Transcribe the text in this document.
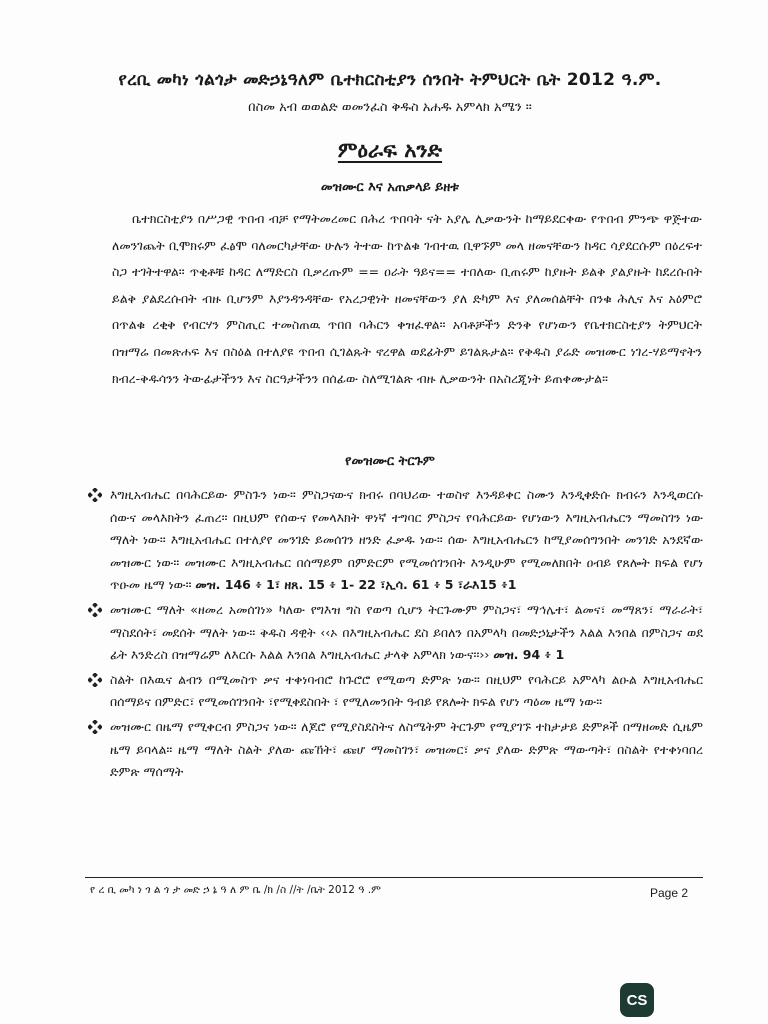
የረቢ መካነ ጎልጎታ መድኃኔዓለም ቤተክርስቲያን ሰንበት ትምህርት ቤት 2012 ዓ.ም.
በስመ አብ ወወልድ ወመንፈስ ቅዱስ አሐዱ አምላክ አሜን ።
ምዕራፍ አንድ
መዝሙር እና አጠቃላይ ይዘቱ

ቤተክርስቲያን በሥጋዊ ጥበብ ብቻ የማትመረመር በሕረ ጥበባት ናት አያሌ ሊቃውንት ከማይደርቀው የጥበብ ምንጭ ዋጅተው ለመንገጨት ቢሞክሩም ፈፅሞ ባለመርካታቸው ሁሉን ትተው ከጥልቁ ገብተዉ ቢዋኙም መላ ዘመናቸውን ከዳር ሳያደርሱም በዕረፍተ ስጋ ተገትተዋል። ጥቂቶቹ ከዳር ለማድርስ ቢቃረጡም == ዐራት ዓይና== ተበለው ቢጠሩም ከያዙት ይልቅ ያልያዙት ከደረሱበት ይልቅ ያልደረሱበት ብዙ ቢሆንም እያንዳንዳቸው የአረጋዊነት ዘመናቸውን ያለ ድካም እና ያለመሰልቸት በንቁ ሕሊና እና አዕምሮ በጥልቁ ረቂቅ የብርሃን ምስጢር ተመስጠዉ ጥበበ ባሕርን ቀዝፈዋል። አባቶቻችን ድንቅ የሆነውን የቤተክርስቲያን ትምህርት በዝማሬ በመጽሐፍ እና በስዕል በተለያዩ ጥበብ ሲገልጹት ኖረዋል ወደፊትም ይገልጹታል። የቅዱስ ያሬድ መዝሙር ነገረ-ሃይማኖትን ክብረ-ቅዱሳንን ትውፊታችንን እና ስርዓታችንን በሰፊው ስለሚገልጽ ብዙ ሊቃውንት በአስረጂነት ይጠቀሙታል።

የመዝሙር ትርጉም
እግዚአብሔር በባሕርይው ምስጉን ነው። ምስጋናውና ክብሩ በባህሪው ተወስኖ እንዳይቀር ስሙን እንዲቀድሱ ክብሩን እንዲወርሱ ሰውና መላእክትን ፈጠረ። በዚህም የሰውና የመላእክት ዋነኛ ተግባር ምስጋና የባሕርይው የሆነውን እግዚአብሔርን ማመስገን ነው ማለት ነው። እግዚአብሔር በተለያየ መንገድ ይመሰገን ዘንድ ፈቃዱ ነው። ሰው እግዚአብሔርን ከሚያመሰግንበት መንገድ አንደኛው መዝሙር ነው። መዝሙር እግዚአብሔር በሰማይም በምድርም የሚመሰገንበት እንዲሁም የሚመለክበት ዐብይ የጸሎት ክፍል የሆነ ጥዑመ ዜማ ነው። መዝ. 146 ፥ 1፣ ዘጸ. 15 ፥ 1- 22 ፣ኢሳ. 61 ፥ 5 ፣ራእ15 ፥1
መዝሙር ማለት «ዘመረ አመሰገነ» ካለው የግእዝ ግስ የወጣ ሲሆን ትርጉሙም ምስጋና፣ ማኅሌተ፣ ልመና፣ መማጸን፣ ማራራት፣ ማስደሰት፣ መደሰት ማለት ነው። ቅዱስ ዳዊት ‹‹ኦ በእግዚአብሔር ደስ ይበለን በአምላካ በመድኃኒታችን እልል እንበል በምስጋና ወደ ፊት እንድረስ በዝማሬም ለእርሱ እልል እንበል እግዚአብሔር ታላቅ አምላክ ነውና፡፡›› መዝ. 94 ፥ 1
ስልት በእዉና ልብን በሚመስጥ ቃና ተቀነባብሮ ከጉሮሮ የሚወጣ ድምጽ ነው። በዚህም የባሕርይ አምላካ ልዑል እግዚአብሔር በሰማይና በምድር፣ የሚመሰገንበት ፣የሚቀደስበት ፣ የሚለመንበት ዓብይ የጸሎት ክፍል የሆነ ጣዕመ ዜማ ነው።
መዝሙር በዜማ የሚቀርብ ምስጋና ነው። ለጆሮ የሚያስደስትና ለስሜትም ትርጉም የሚያገኙ ተከታታይ ድምጾች በማዘመድ ሲዜም ዜማ ይባላል። ዜማ ማለት ስልት ያለው ጩኸት፣ ጩሆ ማመስገን፣ መዝመር፣ ቃና ያለው ድምጽ ማውጣት፣ በስልት የተቀነባበረ ድምጽ ማሰማት
የ ረ ቢ መካ ነ ጎ ል ጎ ታ መድ ኃ ኔ ዓ ለ ም ቤ /ክ /ስ //ት /ቤት 2012 ዓ .ም	Page 2
CS
